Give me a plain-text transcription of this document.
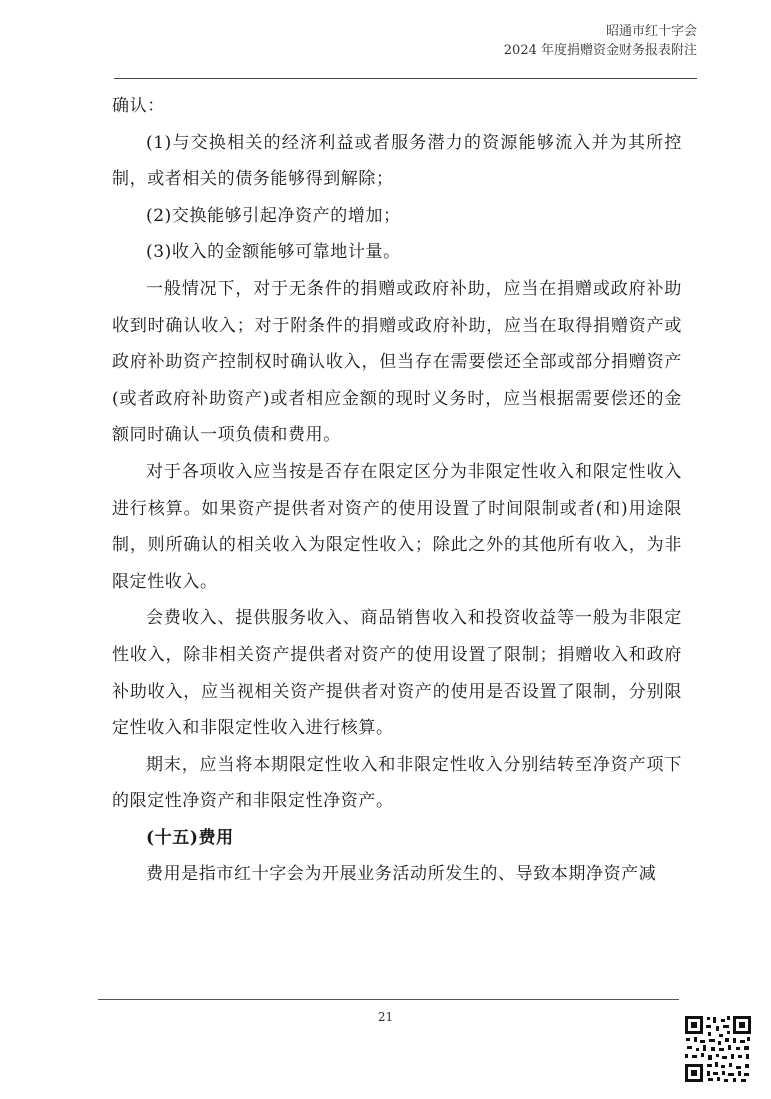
昭通市红十字会
2024 年度捐赠资金财务报表附注

确认：

(1)与交换相关的经济利益或者服务潜力的资源能够流入并为其所控制，或者相关的债务能够得到解除；

(2)交换能够引起净资产的增加；

(3)收入的金额能够可靠地计量。

一般情况下，对于无条件的捐赠或政府补助，应当在捐赠或政府补助收到时确认收入；对于附条件的捐赠或政府补助，应当在取得捐赠资产或政府补助资产控制权时确认收入，但当存在需要偿还全部或部分捐赠资产(或者政府补助资产)或者相应金额的现时义务时，应当根据需要偿还的金额同时确认一项负债和费用。

对于各项收入应当按是否存在限定区分为非限定性收入和限定性收入进行核算。如果资产提供者对资产的使用设置了时间限制或者(和)用途限制，则所确认的相关收入为限定性收入；除此之外的其他所有收入，为非限定性收入。

会费收入、提供服务收入、商品销售收入和投资收益等一般为非限定性收入，除非相关资产提供者对资产的使用设置了限制；捐赠收入和政府补助收入，应当视相关资产提供者对资产的使用是否设置了限制，分别限定性收入和非限定性收入进行核算。

期末，应当将本期限定性收入和非限定性收入分别结转至净资产项下的限定性净资产和非限定性净资产。

(十五)费用

费用是指市红十字会为开展业务活动所发生的、导致本期净资产减

21
